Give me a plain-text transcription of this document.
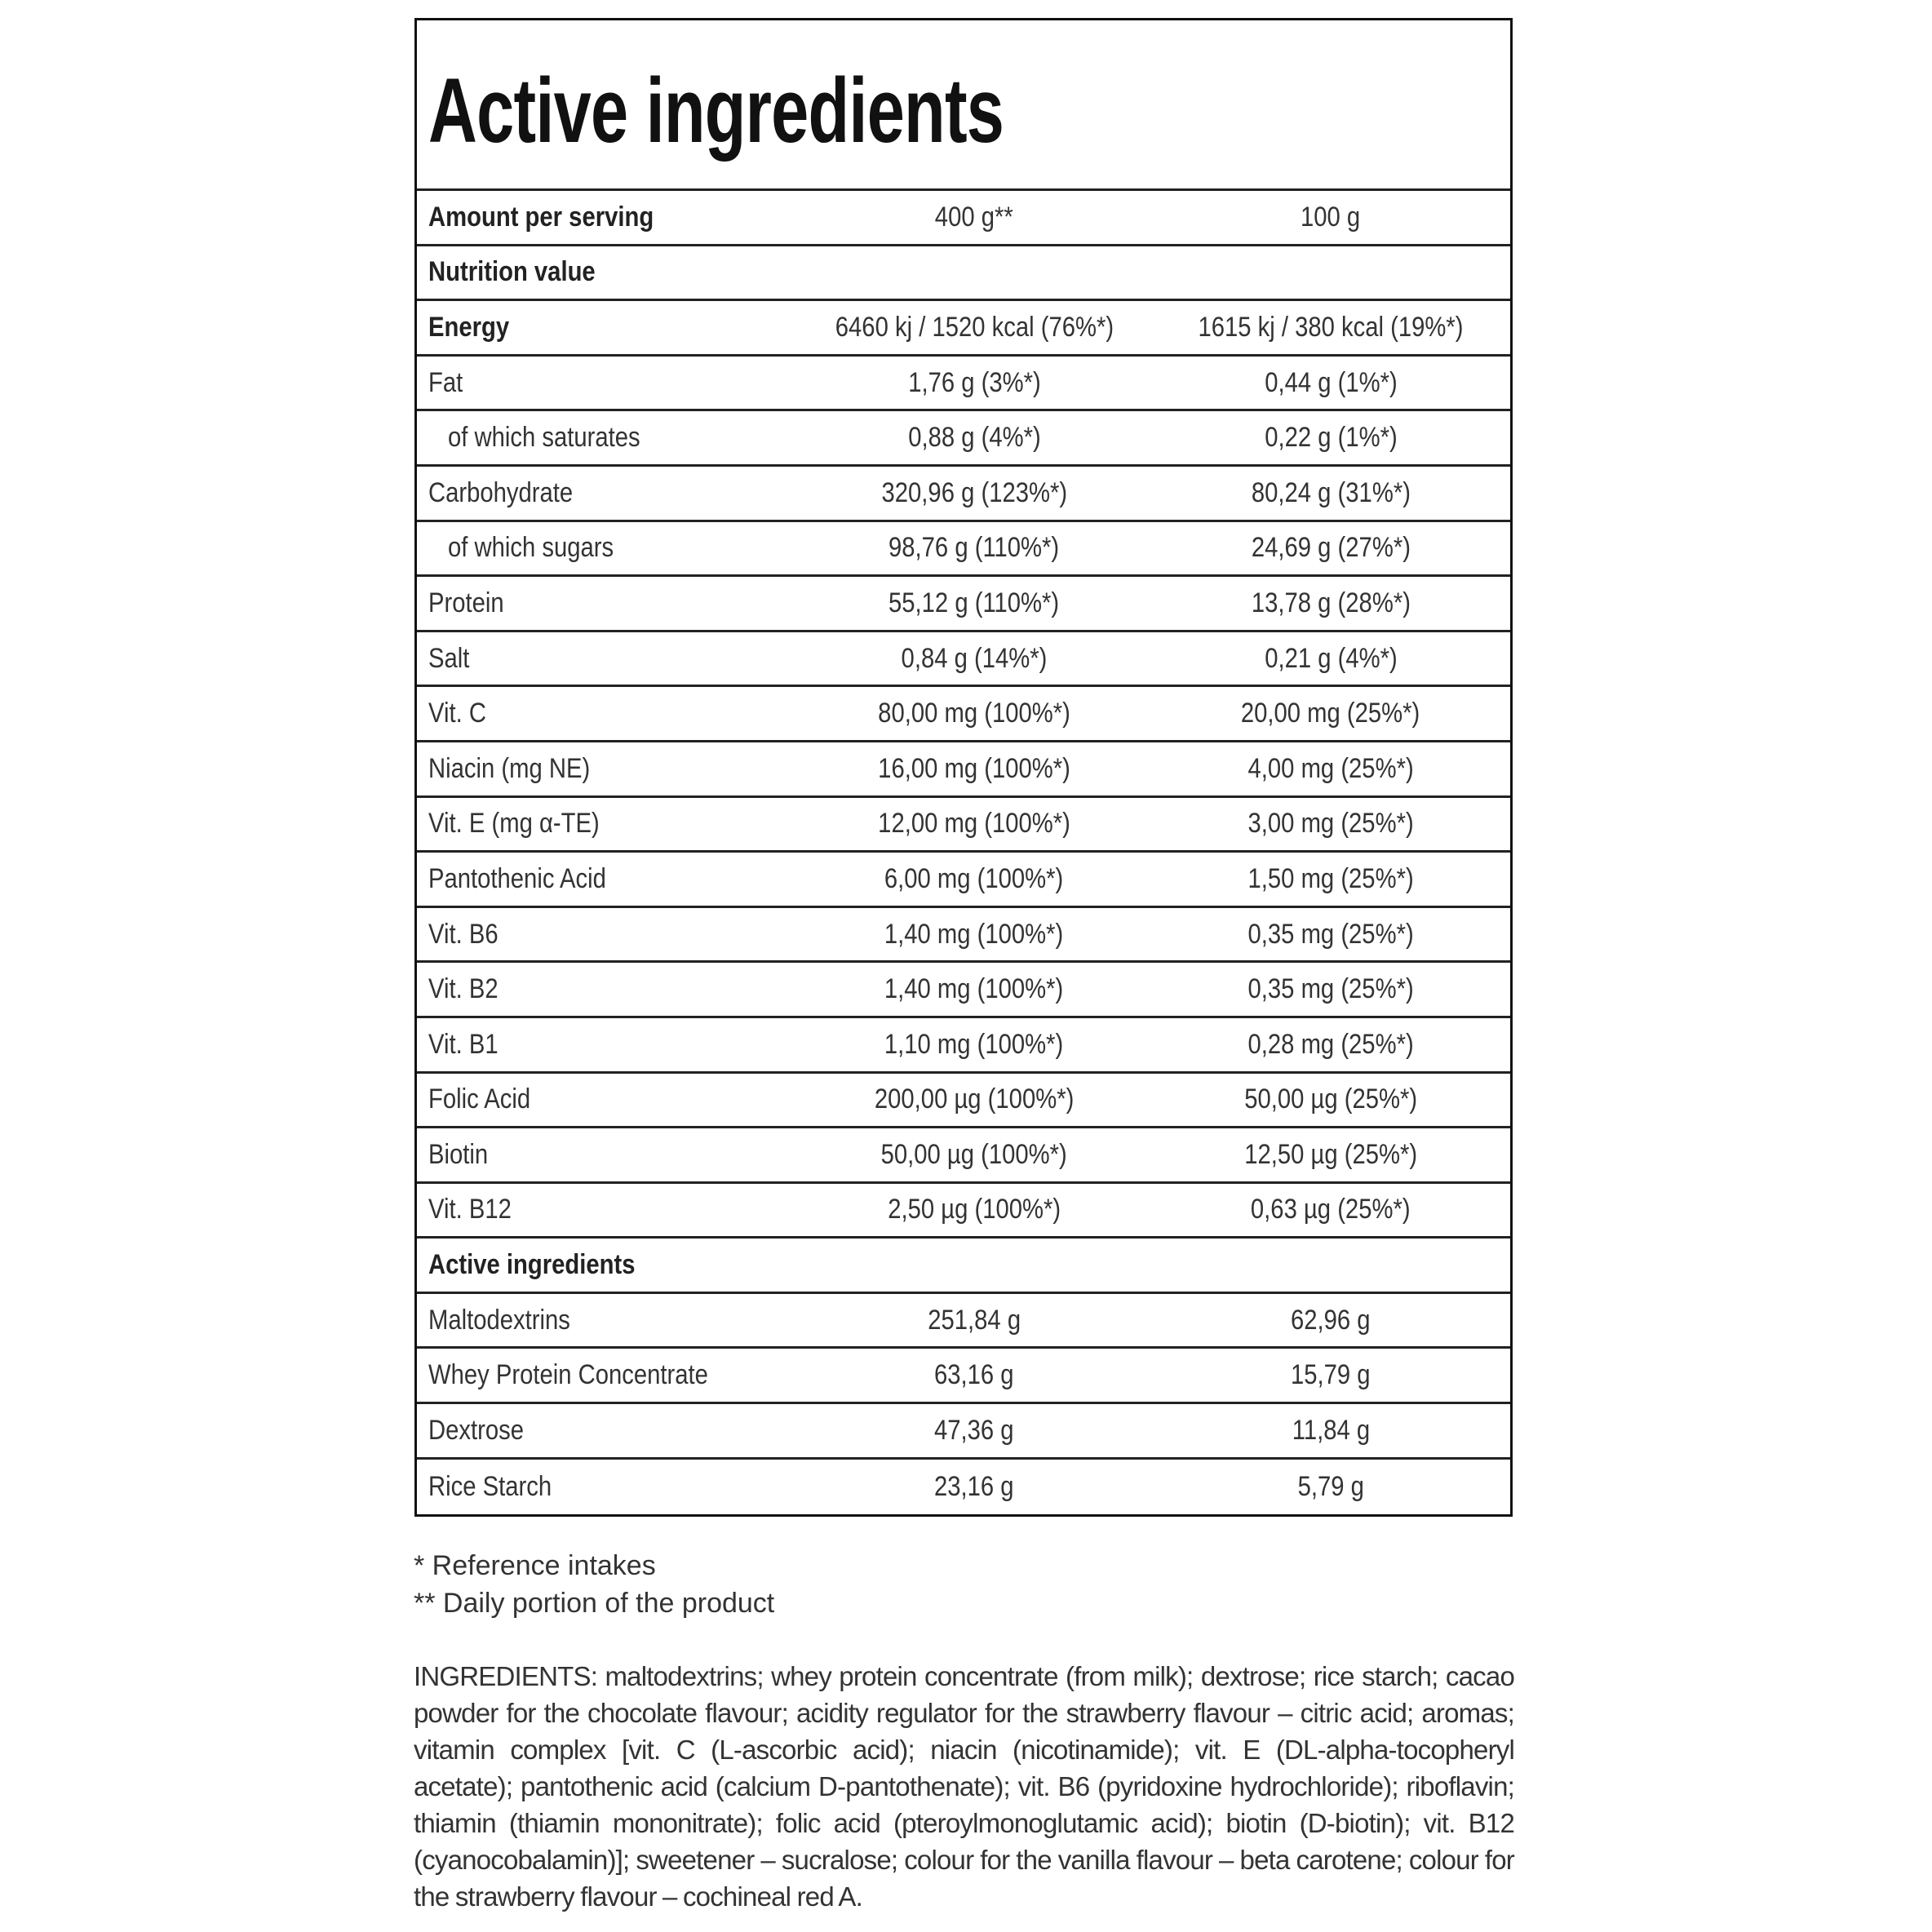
Active ingredients
Amount per serving	400 g**	100 g
Nutrition value
Energy	6460 kj / 1520 kcal (76%*)	1615 kj / 380 kcal (19%*)
Fat	1,76 g (3%*)	0,44 g (1%*)
of which saturates	0,88 g (4%*)	0,22 g (1%*)
Carbohydrate	320,96 g (123%*)	80,24 g (31%*)
of which sugars	98,76 g (110%*)	24,69 g (27%*)
Protein	55,12 g (110%*)	13,78 g (28%*)
Salt	0,84 g (14%*)	0,21 g (4%*)
Vit. C	80,00 mg (100%*)	20,00 mg (25%*)
Niacin (mg NE)	16,00 mg (100%*)	4,00 mg (25%*)
Vit. E (mg α-TE)	12,00 mg (100%*)	3,00 mg (25%*)
Pantothenic Acid	6,00 mg (100%*)	1,50 mg (25%*)
Vit. B6	1,40 mg (100%*)	0,35 mg (25%*)
Vit. B2	1,40 mg (100%*)	0,35 mg (25%*)
Vit. B1	1,10 mg (100%*)	0,28 mg (25%*)
Folic Acid	200,00 µg (100%*)	50,00 µg (25%*)
Biotin	50,00 µg (100%*)	12,50 µg (25%*)
Vit. B12	2,50 µg (100%*)	0,63 µg (25%*)
Active ingredients
Maltodextrins	251,84 g	62,96 g
Whey Protein Concentrate	63,16 g	15,79 g
Dextrose	47,36 g	11,84 g
Rice Starch	23,16 g	5,79 g
* Reference intakes
** Daily portion of the product
INGREDIENTS: maltodextrins; whey protein concentrate (from milk); dextrose; rice starch; cacao powder for the chocolate flavour; acidity regulator for the strawberry flavour – citric acid; aromas; vitamin complex [vit. C (L-ascorbic acid); niacin (nicotinamide); vit. E (DL-alpha-tocopheryl acetate); pantothenic acid (calcium D-pantothenate); vit. B6 (pyridoxine hydrochloride); riboflavin; thiamin (thiamin mononitrate); folic acid (pteroylmonoglutamic acid); biotin (D-biotin); vit. B12 (cyanocobalamin)]; sweetener – sucralose; colour for the vanilla flavour – beta carotene; colour for the strawberry flavour – cochineal red A.
